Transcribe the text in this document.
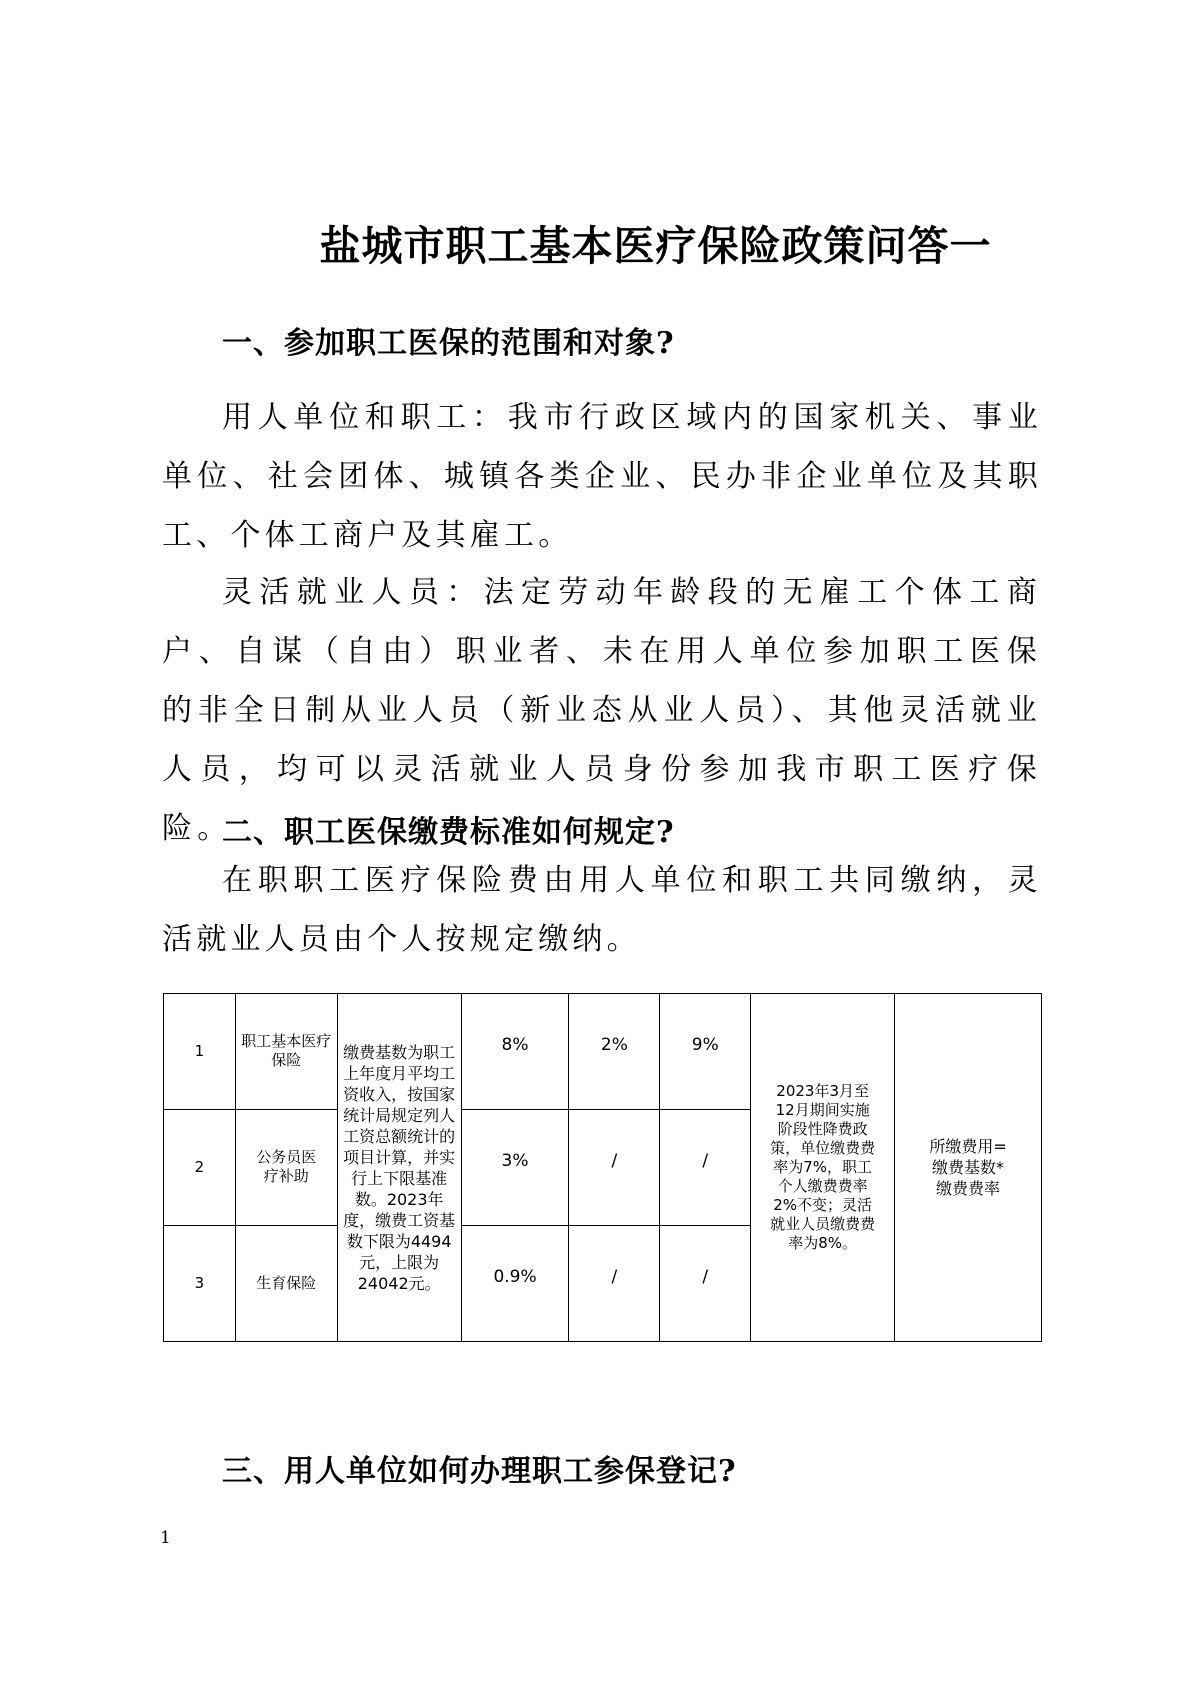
盐城市职工基本医疗保险政策问答一
一、参加职工医保的范围和对象?

用人单位和职工：我市行政区域内的国家机关、事业单位、社会团体、城镇各类企业、民办非企业单位及其职工、个体工商户及其雇工。

灵活就业人员：法定劳动年龄段的无雇工个体工商户、自谋（自由）职业者、未在用人单位参加职工医保的非全日制从业人员（新业态从业人员）、其他灵活就业人员，均可以灵活就业人员身份参加我市职工医疗保险。

二、职工医保缴费标准如何规定?

在职职工医疗保险费由用人单位和职工共同缴纳，灵活就业人员由个人按规定缴纳。

1	职工基本医疗保险	缴费基数为职工上年度月平均工资收入，按国家统计局规定列人工资总额统计的项目计算，并实行上下限基准数。2023年度，缴费工资基数下限为4494元，上限为24042元。	8%	2%	9%	2023年3月至12月期间实施阶段性降费政策，单位缴费费率为7%，职工个人缴费费率2%不变；灵活就业人员缴费费率为8%。	所缴费用=缴费基数*缴费费率
2	公务员医疗补助		3%	/	/		
3	生育保险		0.9%	/	/		
三、用人单位如何办理职工参保登记?
1
